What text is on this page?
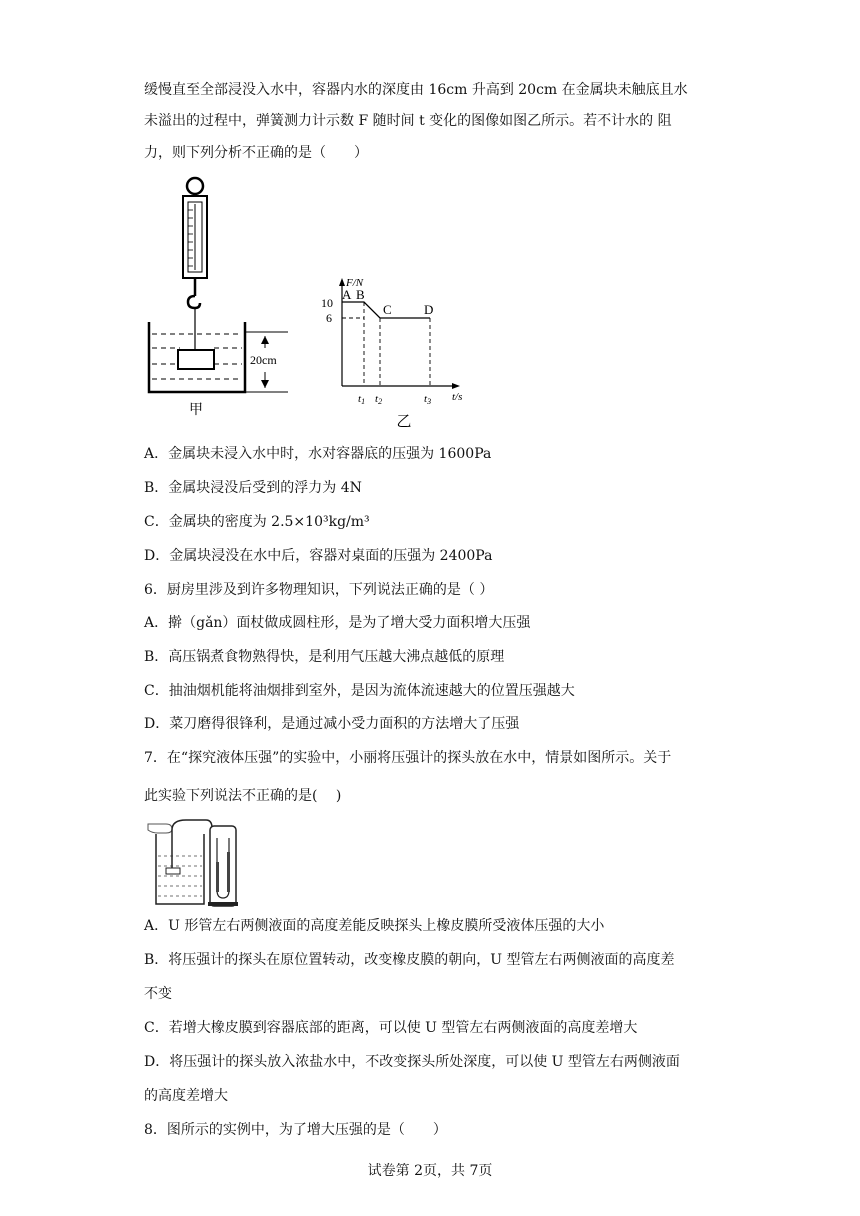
缓慢直至全部浸没入水中，容器内水的深度由 16cm 升高到 20cm 在金属块未触底且水
未溢出的过程中，弹簧测力计示数 F 随时间 t 变化的图像如图乙所示。若不计水的 阻
力，则下列分析不正确的是（　　）
20cm
甲
F/N
t/s
10
6
A B
C D
t1 t2	t3
乙
A．金属块未浸入水中时，水对容器底的压强为 1600Pa
B．金属块浸没后受到的浮力为 4N
C．金属块的密度为 2.5×10³kg/m³
D．金属块浸没在水中后，容器对桌面的压强为 2400Pa
6．厨房里涉及到许多物理知识，下列说法正确的是（ ）
A．擀（gǎn）面杖做成圆柱形，是为了增大受力面积增大压强
B．高压锅煮食物熟得快，是利用气压越大沸点越低的原理
C．抽油烟机能将油烟排到室外，是因为流体流速越大的位置压强越大
D．菜刀磨得很锋利，是通过减小受力面积的方法增大了压强
7．在“探究液体压强”的实验中，小丽将压强计的探头放在水中，情景如图所示。关于
此实验下列说法不正确的是(　 )
A．U 形管左右两侧液面的高度差能反映探头上橡皮膜所受液体压强的大小
B．将压强计的探头在原位置转动，改变橡皮膜的朝向，U 型管左右两侧液面的高度差
不变
C．若增大橡皮膜到容器底部的距离，可以使 U 型管左右两侧液面的高度差增大
D．将压强计的探头放入浓盐水中，不改变探头所处深度，可以使 U 型管左右两侧液面
的高度差增大
8．图所示的实例中，为了增大压强的是（　　）
试卷第 2页，共 7页
